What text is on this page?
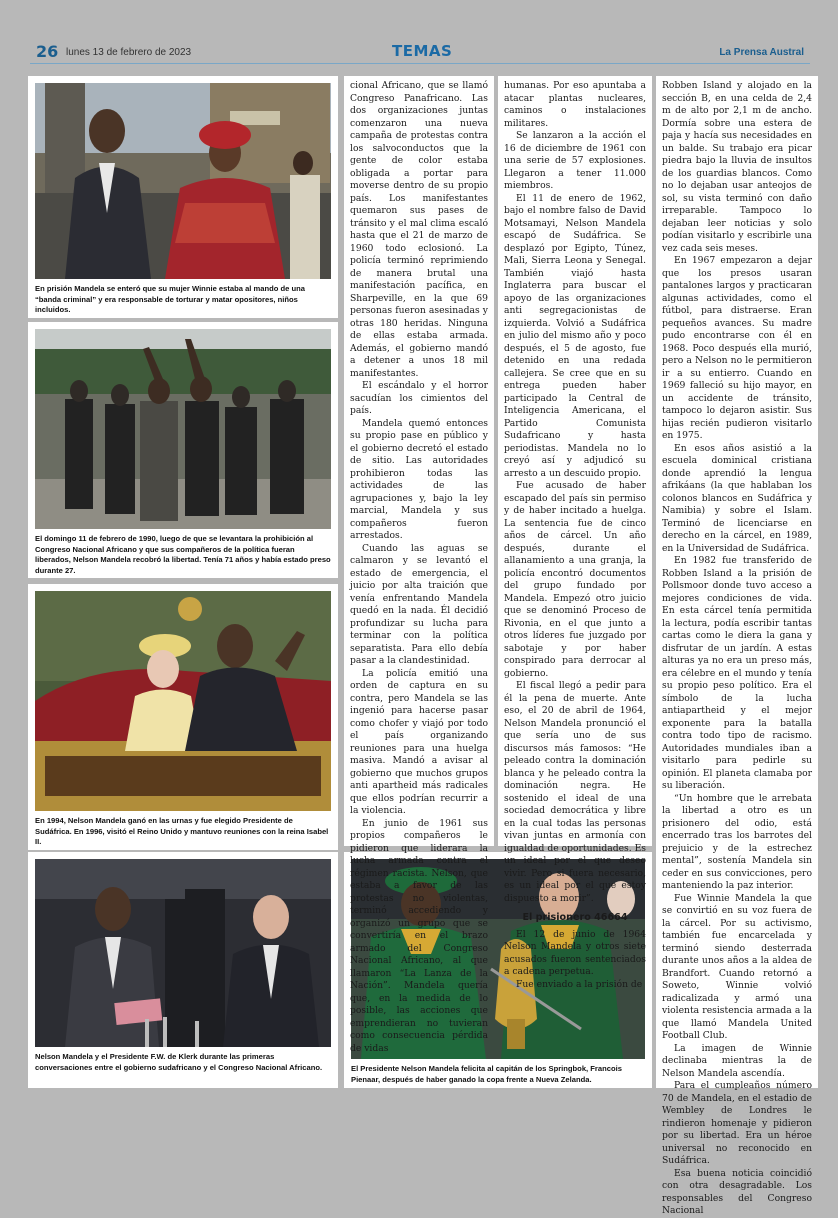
26 lunes 13 de febrero de 2023	TEMAS	La Prensa Austral
En prisión Mandela se enteró que su mujer Winnie estaba al mando de una “banda criminal” y era responsable de torturar y matar opositores, niños incluidos.
El domingo 11 de febrero de 1990, luego de que se levantara la prohibición al Congreso Nacional Africano y que sus compañeros de la política fueran liberados, Nelson Mandela recobró la libertad. Tenía 71 años y había estado preso durante 27.
En 1994, Nelson Mandela ganó en las urnas y fue elegido Presidente de Sudáfrica. En 1996, visitó el Reino Unido y mantuvo reuniones con la reina Isabel II.
Nelson Mandela y el Presidente F.W. de Klerk durante las primeras conversaciones entre el gobierno sudafricano y el Congreso Nacional Africano.	El Presidente Nelson Mandela felicita al capitán de los Springbok, Francois Pienaar, después de haber ganado la copa frente a Nueva Zelanda.

cional Africano, que se llamó Congreso Panafricano. Las dos organizaciones juntas comenzaron una nueva campaña de protestas contra los salvoconductos que la gente de color estaba obligada a portar para moverse dentro de su propio país. Los manifestantes quemaron sus pases de tránsito y el mal clima escaló hasta que el 21 de marzo de 1960 todo eclosionó. La policía terminó reprimiendo de manera brutal una manifestación pacífica, en Sharpeville, en la que 69 personas fueron asesinadas y otras 180 heridas. Ninguna de ellas estaba armada. Además, el gobierno mandó a detener a unos 18 mil manifestantes.

El escándalo y el horror sacudían los cimientos del país.

Mandela quemó entonces su propio pase en público y el gobierno decretó el estado de sitio. Las autoridades prohibieron todas las actividades de las agrupaciones y, bajo la ley marcial, Mandela y sus compañeros fueron arrestados.

Cuando las aguas se calmaron y se levantó el estado de emergencia, el juicio por alta traición que venía enfrentando Mandela quedó en la nada. Él decidió profundizar su lucha para terminar con la política separatista. Para ello debía pasar a la clandestinidad.

La policía emitió una orden de captura en su contra, pero Mandela se las ingenió para hacerse pasar como chofer y viajó por todo el país organizando reuniones para una huelga masiva. Mandó a avisar al gobierno que muchos grupos anti apartheid más radicales que ellos podrían recurrir a la violencia.

En junio de 1961 sus propios compañeros le pidieron que liderara la lucha armada contra el régimen racista. Nelson, que estaba a favor de las protestas no violentas, terminó accediendo y organizó un grupo que se convertiría en el brazo armado del Congreso Nacional Africano, al que llamaron “La Lanza de la Nación”. Mandela quería que, en la medida de lo posible, las acciones que emprendieran no tuvieran como consecuencia pérdida de vidas

humanas. Por eso apuntaba a atacar plantas nucleares, caminos o instalaciones militares.

Se lanzaron a la acción el 16 de diciembre de 1961 con una serie de 57 explosiones. Llegaron a tener 11.000 miembros.

El 11 de enero de 1962, bajo el nombre falso de David Motsamayi, Nelson Mandela escapó de Sudáfrica. Se desplazó por Egipto, Túnez, Mali, Sierra Leona y Senegal. También viajó hasta Inglaterra para buscar el apoyo de las organizaciones anti segregacionistas de izquierda. Volvió a Sudáfrica en julio del mismo año y poco después, el 5 de agosto, fue detenido en una redada callejera. Se cree que en su entrega pueden haber participado la Central de Inteligencia Americana, el Partido Comunista Sudafricano y hasta periodistas. Mandela no lo creyó así y adjudicó su arresto a un descuido propio.

Fue acusado de haber escapado del país sin permiso y de haber incitado a huelga. La sentencia fue de cinco años de cárcel. Un año después, durante el allanamiento a una granja, la policía encontró documentos del grupo fundado por Mandela. Empezó otro juicio que se denominó Proceso de Rivonia, en el que junto a otros líderes fue juzgado por sabotaje y por haber conspirado para derrocar al gobierno.

El fiscal llegó a pedir para él la pena de muerte. Ante eso, el 20 de abril de 1964, Nelson Mandela pronunció el que sería uno de sus discursos más famosos: “He peleado contra la dominación blanca y he peleado contra la dominación negra. He sostenido el ideal de una sociedad democrática y libre en la cual todas las personas vivan juntas en armonía con igualdad de oportunidades. Es un ideal por el que deseo vivir. Pero si fuera necesario, es un ideal por el que estoy dispuesto a morir”.

El prisionero 46664

El 12 de junio de 1964 Nelson Mandela y otros siete acusados fueron sentenciados a cadena perpetua.

Fue enviado a la prisión de

Robben Island y alojado en la sección B, en una celda de 2,4 m de alto por 2,1 m de ancho. Dormía sobre una estera de paja y hacía sus necesidades en un balde. Su trabajo era picar piedra bajo la lluvia de insultos de los guardias blancos. Como no lo dejaban usar anteojos de sol, su vista terminó con daño irreparable. Tampoco lo dejaban leer noticias y solo podían visitarlo y escribirle una vez cada seis meses.

En 1967 empezaron a dejar que los presos usaran pantalones largos y practicaran algunas actividades, como el fútbol, para distraerse. Eran pequeños avances. Su madre pudo encontrarse con él en 1968. Poco después ella murió, pero a Nelson no le permitieron ir a su entierro. Cuando en 1969 falleció su hijo mayor, en un accidente de tránsito, tampoco lo dejaron asistir. Sus hijas recién pudieron visitarlo en 1975.

En esos años asistió a la escuela dominical cristiana donde aprendió la lengua afrikáans (la que hablaban los colonos blancos en Sudáfrica y Namibia) y sobre el Islam. Terminó de licenciarse en derecho en la cárcel, en 1989, en la Universidad de Sudáfrica.

En 1982 fue transferido de Robben Island a la prisión de Pollsmoor donde tuvo acceso a mejores condiciones de vida. En esta cárcel tenía permitida la lectura, podía escribir tantas cartas como le diera la gana y disfrutar de un jardín. A estas alturas ya no era un preso más, era célebre en el mundo y tenía su propio peso político. Era el símbolo de la lucha antiapartheid y el mejor exponente para la batalla contra todo tipo de racismo. Autoridades mundiales iban a visitarlo para pedirle su opinión. El planeta clamaba por su liberación.

“Un hombre que le arrebata la libertad a otro es un prisionero del odio, está encerrado tras los barrotes del prejuicio y de la estrechez mental”, sostenía Mandela sin ceder en sus convicciones, pero manteniendo la paz interior.

Fue Winnie Mandela la que se convirtió en su voz fuera de la cárcel. Por su activismo, también fue encarcelada y terminó siendo desterrada durante unos años a la aldea de Brandfort. Cuando retornó a Soweto, Winnie volvió radicalizada y armó una violenta resistencia armada a la que llamó Mandela United Football Club.

La imagen de Winnie declinaba mientras la de Nelson Mandela ascendía.

Para el cumpleaños número 70 de Mandela, en el estadio de Wembley de Londres le rindieron homenaje y pidieron por su libertad. Era un héroe universal no reconocido en Sudáfrica.

Esa buena noticia coincidió con otra desagradable. Los responsables del Congreso Nacional
